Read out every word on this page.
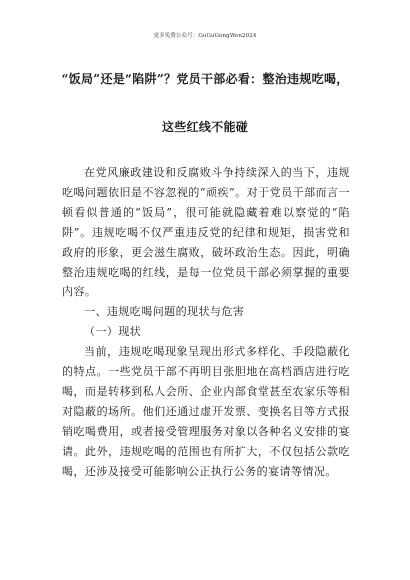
更多免费公众号：GuGuGongWen2024
“饭局”还是“陷阱”？党员干部必看：整治违规吃喝，
这些红线不能碰

在党风廉政建设和反腐败斗争持续深入的当下，违规吃喝问题依旧是不容忽视的“顽疾”。对于党员干部而言一顿看似普通的“饭局”，很可能就隐藏着难以察觉的“陷阱”。违规吃喝不仅严重违反党的纪律和规矩，损害党和政府的形象，更会滋生腐败，破坏政治生态。因此，明确整治违规吃喝的红线，是每一位党员干部必须掌握的重要内容。

一、违规吃喝问题的现状与危害

（一）现状

当前，违规吃喝现象呈现出形式多样化、手段隐蔽化的特点。一些党员干部不再明目张胆地在高档酒店进行吃喝，而是转移到私人会所、企业内部食堂甚至农家乐等相对隐蔽的场所。他们还通过虚开发票、变换名目等方式报销吃喝费用，或者接受管理服务对象以各种名义安排的宴请。此外，违规吃喝的范围也有所扩大，不仅包括公款吃喝，还涉及接受可能影响公正执行公务的宴请等情况。
